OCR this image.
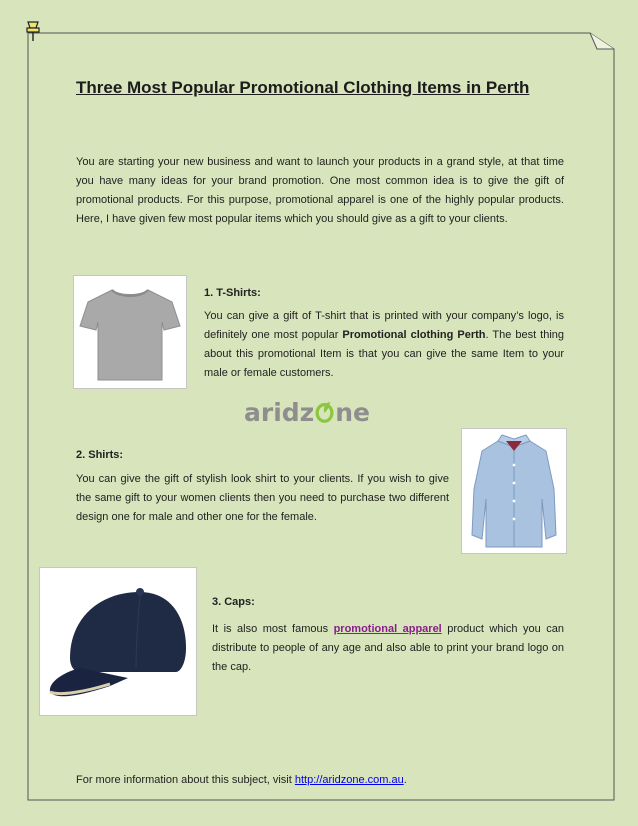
Three Most Popular Promotional Clothing Items in Perth

You are starting your new business and want to launch your products in a grand style, at that time you have many ideas for your brand promotion. One most common idea is to give the gift of promotional products. For this purpose, promotional apparel is one of the highly popular products. Here, I have given few most popular items which you should give as a gift to your clients.

1. T-Shirts:

You can give a gift of T-shirt that is printed with your company’s logo, is definitely one most popular Promotional clothing Perth. The best thing about this promotional Item is that you can give the same Item to your male or female customers.

aridz ne
2. Shirts:

You can give the gift of stylish look shirt to your clients. If you wish to give the same gift to your women clients then you need to purchase two different design one for male and other one for the female.

3. Caps:

It is also most famous promotional apparel product which you can distribute to people of any age and also able to print your brand logo on the cap.

For more information about this subject, visit http://aridzone.com.au.
